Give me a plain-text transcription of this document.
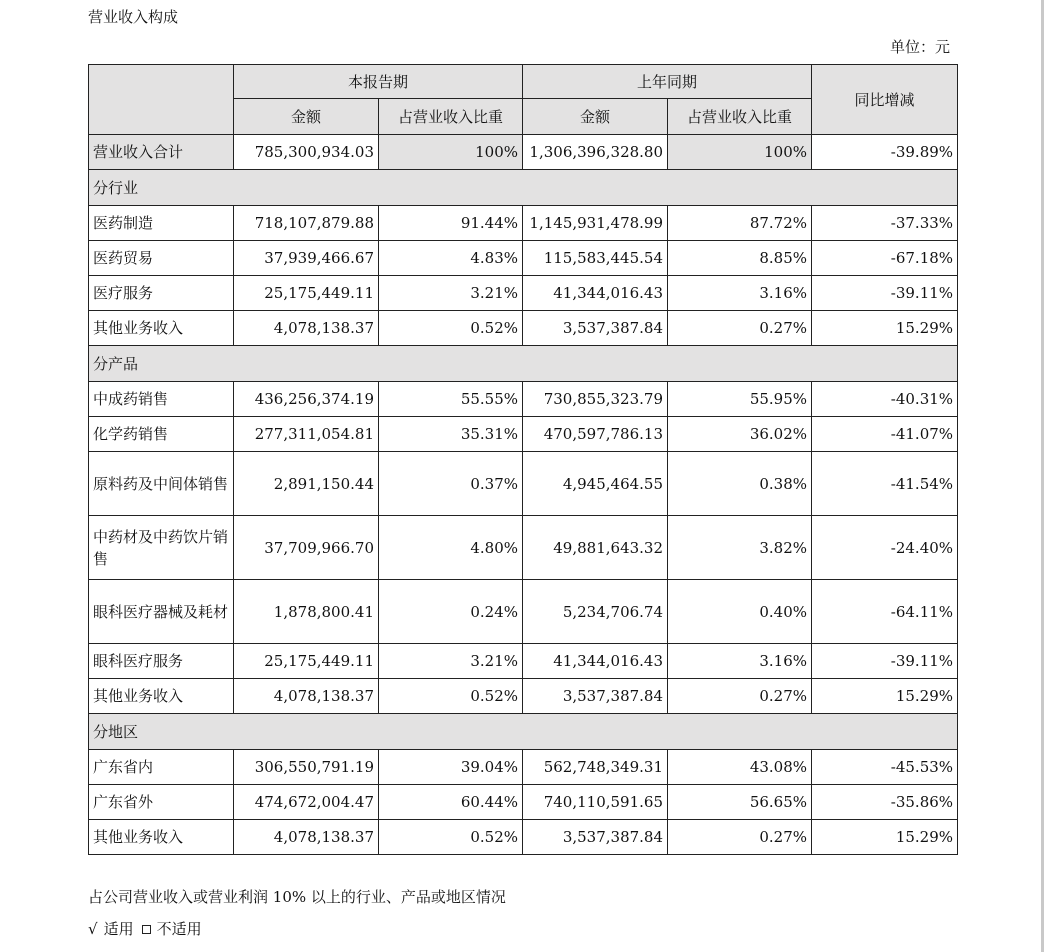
营业收入构成
单位：元
	本报告期		上年同期		同比增减
	金额	占营业收入比重	金额	占营业收入比重	
营业收入合计	785,300,934.03	100%	1,306,396,328.80	100%	-39.89%
分行业					
医药制造	718,107,879.88	91.44%	1,145,931,478.99	87.72%	-37.33%
医药贸易	37,939,466.67	4.83%	115,583,445.54	8.85%	-67.18%
医疗服务	25,175,449.11	3.21%	41,344,016.43	3.16%	-39.11%
其他业务收入	4,078,138.37	0.52%	3,537,387.84	0.27%	15.29%
分产品					
中成药销售	436,256,374.19	55.55%	730,855,323.79	55.95%	-40.31%
化学药销售	277,311,054.81	35.31%	470,597,786.13	36.02%	-41.07%
原料药及中间体销售	2,891,150.44	0.37%	4,945,464.55	0.38%	-41.54%
中药材及中药饮片销售	37,709,966.70	4.80%	49,881,643.32	3.82%	-24.40%
眼科医疗器械及耗材	1,878,800.41	0.24%	5,234,706.74	0.40%	-64.11%
眼科医疗服务	25,175,449.11	3.21%	41,344,016.43	3.16%	-39.11%
其他业务收入	4,078,138.37	0.52%	3,537,387.84	0.27%	15.29%
分地区					
广东省内	306,550,791.19	39.04%	562,748,349.31	43.08%	-45.53%
广东省外	474,672,004.47	60.44%	740,110,591.65	56.65%	-35.86%
其他业务收入	4,078,138.37	0.52%	3,537,387.84	0.27%	15.29%
占公司营业收入或营业利润 10% 以上的行业、产品或地区情况
√ 适用 不适用
